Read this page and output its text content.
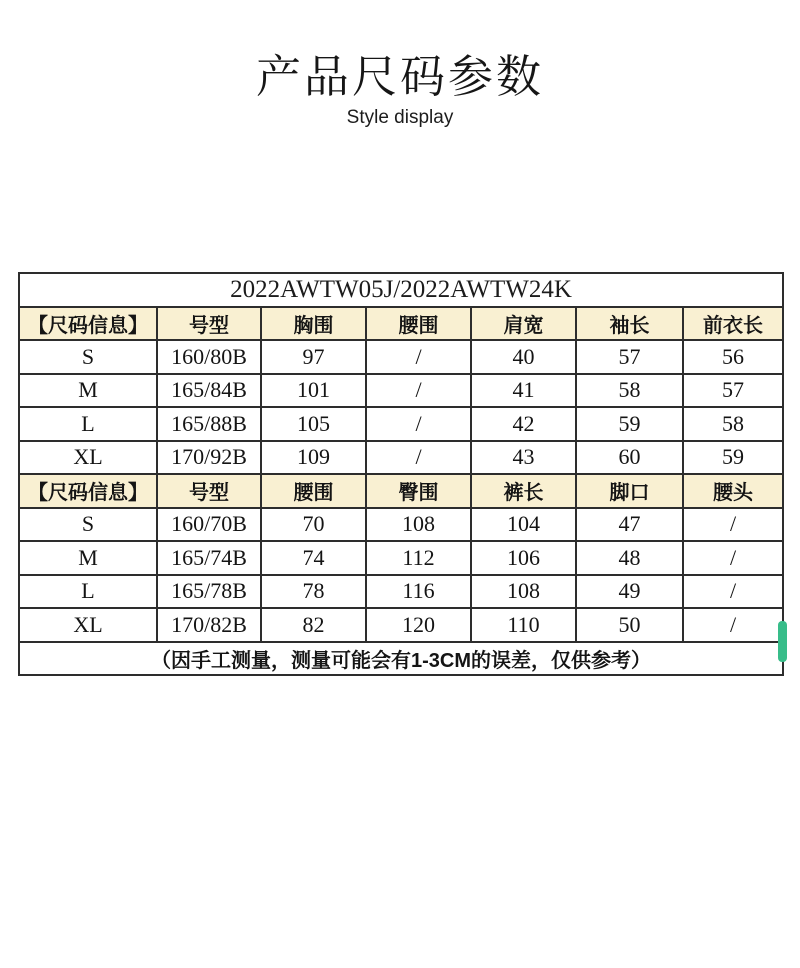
产品尺码参数
Style display
2022AWTW05J/2022AWTW24K						
【尺码信息】	号型	胸围	腰围	肩宽	袖长	前衣长
S	160/80B	97	/	40	57	56
M	165/84B	101	/	41	58	57
L	165/88B	105	/	42	59	58
XL	170/92B	109	/	43	60	59
【尺码信息】	号型	腰围	臀围	裤长	脚口	腰头
S	160/70B	70	108	104	47	/
M	165/74B	74	112	106	48	/
L	165/78B	78	116	108	49	/
XL	170/82B	82	120	110	50	/
（因手工测量，测量可能会有1-3CM的误差，仅供参考）						
